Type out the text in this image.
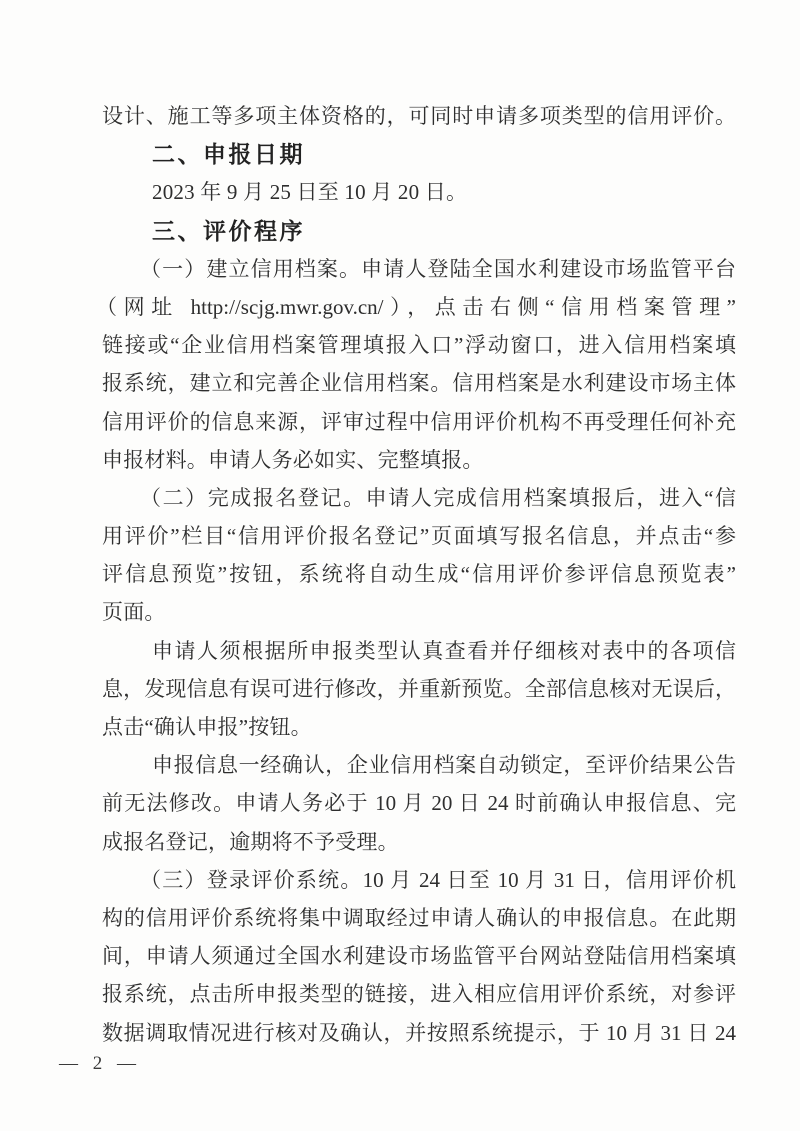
设计、施工等多项主体资格的，可同时申请多项类型的信用评价。
二、申报日期
2023 年 9 月 25 日至 10 月 20 日。
三、评价程序
（一）建立信用档案。申请人登陆全国水利建设市场监管平台
（网址 http://scjg.mwr.gov.cn/），点击右侧“信用档案管理”
链接或“企业信用档案管理填报入口”浮动窗口，进入信用档案填
报系统，建立和完善企业信用档案。信用档案是水利建设市场主体
信用评价的信息来源，评审过程中信用评价机构不再受理任何补充
申报材料。申请人务必如实、完整填报。
（二）完成报名登记。申请人完成信用档案填报后，进入“信
用评价”栏目“信用评价报名登记”页面填写报名信息，并点击“参
评信息预览”按钮，系统将自动生成“信用评价参评信息预览表”
页面。
申请人须根据所申报类型认真查看并仔细核对表中的各项信
息，发现信息有误可进行修改，并重新预览。全部信息核对无误后，
点击“确认申报”按钮。
申报信息一经确认，企业信用档案自动锁定，至评价结果公告
前无法修改。申请人务必于 10 月 20 日 24 时前确认申报信息、完
成报名登记，逾期将不予受理。
（三）登录评价系统。10 月 24 日至 10 月 31 日，信用评价机
构的信用评价系统将集中调取经过申请人确认的申报信息。在此期
间，申请人须通过全国水利建设市场监管平台网站登陆信用档案填
报系统，点击所申报类型的链接，进入相应信用评价系统，对参评
数据调取情况进行核对及确认，并按照系统提示，于 10 月 31 日 24
— 2 —
